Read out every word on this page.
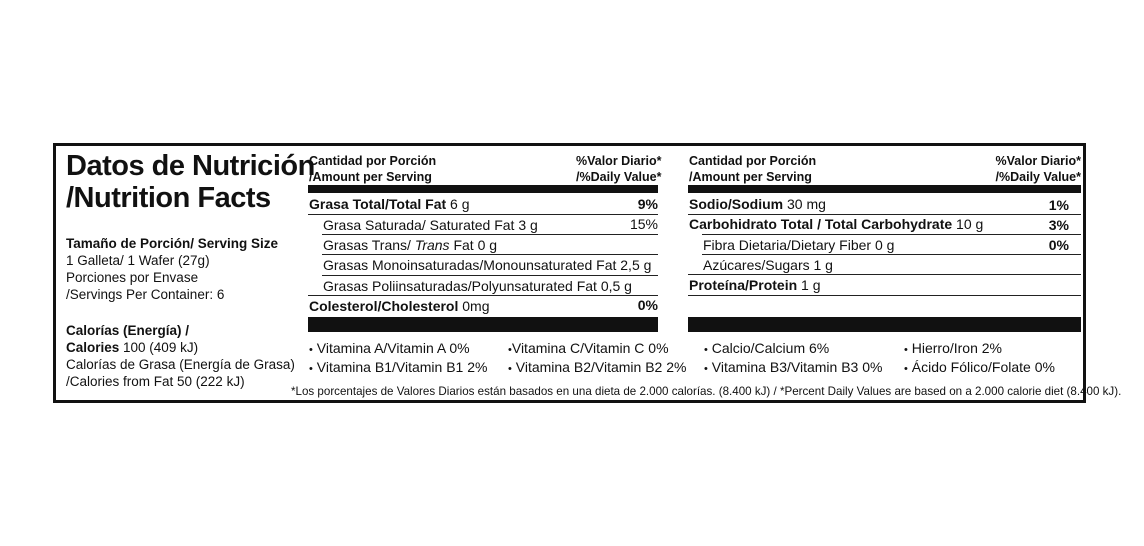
Datos de Nutrición
/Nutrition Facts
Tamaño de Porción/ Serving Size
1 Galleta/ 1 Wafer (27g)
Porciones por Envase
/Servings Per Container: 6
Calorías (Energía) /
Calories 100 (409 kJ)
Calorías de Grasa (Energía de Grasa)
/Calories from Fat 50 (222 kJ)
Cantidad por Porción
/Amount per Serving
%Valor Diario*
/%Daily Value*
Grasa Total/Total Fat 6 g	9%
Grasa Saturada/ Saturated Fat 3 g	15%
Grasas Trans/ Trans Fat 0 g
Grasas Monoinsaturadas/Monounsaturated Fat 2,5 g
Grasas Poliinsaturadas/Polyunsaturated Fat 0,5 g
Colesterol/Cholesterol 0mg	0%
Cantidad por Porción
/Amount per Serving
%Valor Diario*
/%Daily Value*
Sodio/Sodium 30 mg	1%
Carbohidrato Total / Total Carbohydrate 10 g	3%
Fibra Dietaria/Dietary Fiber 0 g	0%
Azúcares/Sugars 1 g
Proteína/Protein 1 g
• Vitamina A/Vitamin A 0%	•Vitamina C/Vitamin C 0%
• Vitamina B1/Vitamin B1 2% • Vitamina B2/Vitamin B2 2%
• Calcio/Calcium 6%	• Hierro/Iron 2%
• Vitamina B3/Vitamin B3 0% • Ácido Fólico/Folate 0%
*Los porcentajes de Valores Diarios están basados en una dieta de 2.000 calorías. (8.400 kJ) / *Percent Daily Values are based on a 2.000 calorie diet (8.400 kJ).
